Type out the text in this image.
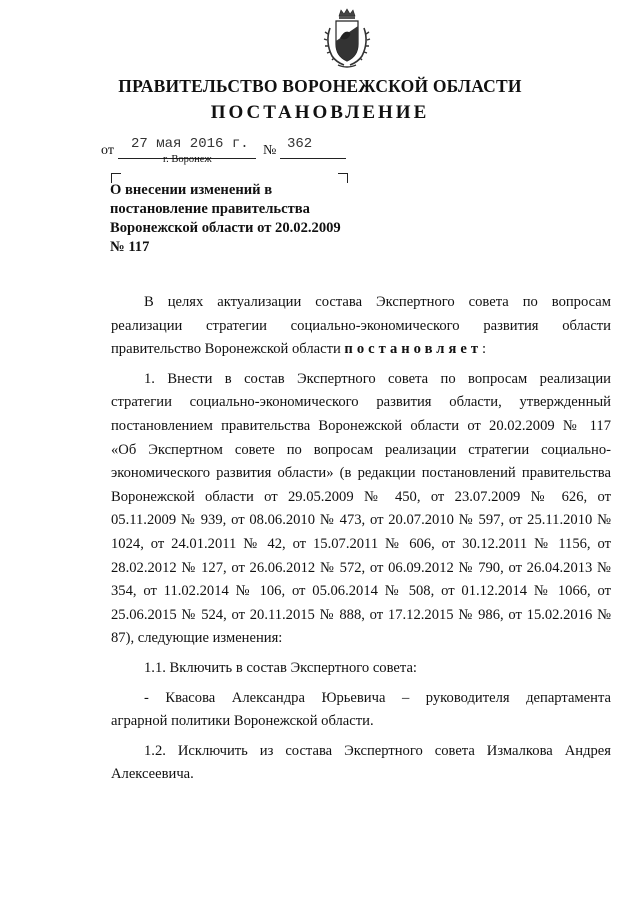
ПРАВИТЕЛЬСТВО ВОРОНЕЖСКОЙ ОБЛАСТИ
ПОСТАНОВЛЕНИЕ
от 27 мая 2016 г. № 362
г. Воронеж
О внесении изменений в
постановление правительства
Воронежской области от 20.02.2009
№ 117

В целях актуализации состава Экспертного совета по вопросам

реализации стратегии социально-экономического развития области

правительство Воронежской области постановляет:

1. Внести в состав Экспертного совета по вопросам реализации

стратегии социально-экономического развития области, утвержденный

постановлением правительства Воронежской области от 20.02.2009 № 117

«Об Экспертном совете по вопросам реализации стратегии социально-

экономического развития области» (в редакции постановлений правительства

Воронежской области от 29.05.2009 № 450, от 23.07.2009 № 626, от

05.11.2009 № 939, от 08.06.2010 № 473, от 20.07.2010 № 597, от 25.11.2010 №

1024, от 24.01.2011 № 42, от 15.07.2011 № 606, от 30.12.2011 № 1156, от

28.02.2012 № 127, от 26.06.2012 № 572, от 06.09.2012 № 790, от 26.04.2013 №

354, от 11.02.2014 № 106, от 05.06.2014 № 508, от 01.12.2014 № 1066, от

25.06.2015 № 524, от 20.11.2015 № 888, от 17.12.2015 № 986, от 15.02.2016 №

87), следующие изменения:

1.1. Включить в состав Экспертного совета:

- Квасова Александра Юрьевича – руководителя департамента

аграрной политики Воронежской области.

1.2. Исключить из состава Экспертного совета Измалкова Андрея

Алексеевича.
